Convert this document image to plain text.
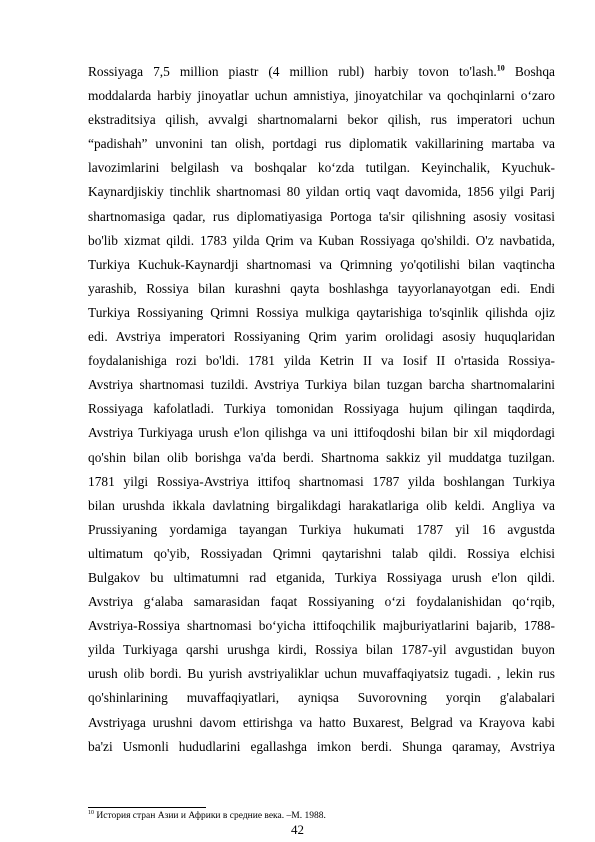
Rossiyaga 7,5 million piastr (4 million rubl) harbiy tovon to'lash.$^{10}$ Boshqa
moddalarda harbiy jinoyatlar uchun amnistiya, jinoyatchilar va qochqinlarni o‘zaro
ekstraditsiya qilish, avvalgi shartnomalarni bekor qilish, rus imperatori uchun
“padishah” unvonini tan olish, portdagi rus diplomatik vakillarining martaba va
lavozimlarini belgilash va boshqalar ko‘zda tutilgan. Keyinchalik, Kyuchuk-
Kaynardjiskiy tinchlik shartnomasi 80 yildan ortiq vaqt davomida, 1856 yilgi Parij
shartnomasiga qadar, rus diplomatiyasiga Portoga ta'sir qilishning asosiy vositasi
bo'lib xizmat qildi. 1783 yilda Qrim va Kuban Rossiyaga qo'shildi. O'z navbatida,
Turkiya Kuchuk-Kaynardji shartnomasi va Qrimning yo'qotilishi bilan vaqtincha
yarashib, Rossiya bilan kurashni qayta boshlashga tayyorlanayotgan edi. Endi
Turkiya Rossiyaning Qrimni Rossiya mulkiga qaytarishiga to'sqinlik qilishda ojiz
edi. Avstriya imperatori Rossiyaning Qrim yarim orolidagi asosiy huquqlaridan
foydalanishiga rozi bo'ldi. 1781 yilda Ketrin II va Iosif II o'rtasida Rossiya-
Avstriya shartnomasi tuzildi. Avstriya Turkiya bilan tuzgan barcha shartnomalarini
Rossiyaga kafolatladi. Turkiya tomonidan Rossiyaga hujum qilingan taqdirda,
Avstriya Turkiyaga urush e'lon qilishga va uni ittifoqdoshi bilan bir xil miqdordagi
qo'shin bilan olib borishga va'da berdi. Shartnoma sakkiz yil muddatga tuzilgan.
1781 yilgi Rossiya-Avstriya ittifoq shartnomasi 1787 yilda boshlangan Turkiya
bilan urushda ikkala davlatning birgalikdagi harakatlariga olib keldi. Angliya va
Prussiyaning yordamiga tayangan Turkiya hukumati 1787 yil 16 avgustda
ultimatum qo'yib, Rossiyadan Qrimni qaytarishni talab qildi. Rossiya elchisi
Bulgakov bu ultimatumni rad etganida, Turkiya Rossiyaga urush e'lon qildi.
Avstriya g‘alaba samarasidan faqat Rossiyaning o‘zi foydalanishidan qo‘rqib,
Avstriya-Rossiya shartnomasi bo‘yicha ittifoqchilik majburiyatlarini bajarib, 1788-
yilda Turkiyaga qarshi urushga kirdi, Rossiya bilan 1787-yil avgustidan buyon
urush olib bordi. Bu yurish avstriyaliklar uchun muvaffaqiyatsiz tugadi. , lekin rus
qo'shinlarining muvaffaqiyatlari, ayniqsa Suvorovning yorqin g'alabalari
Avstriyaga urushni davom ettirishga va hatto Buxarest, Belgrad va Krayova kabi
ba'zi Usmonli hududlarini egallashga imkon berdi. Shunga qaramay, Avstriya
$^{10}$ История стран Азии и Африки в средние века. –М. 1988.
42
